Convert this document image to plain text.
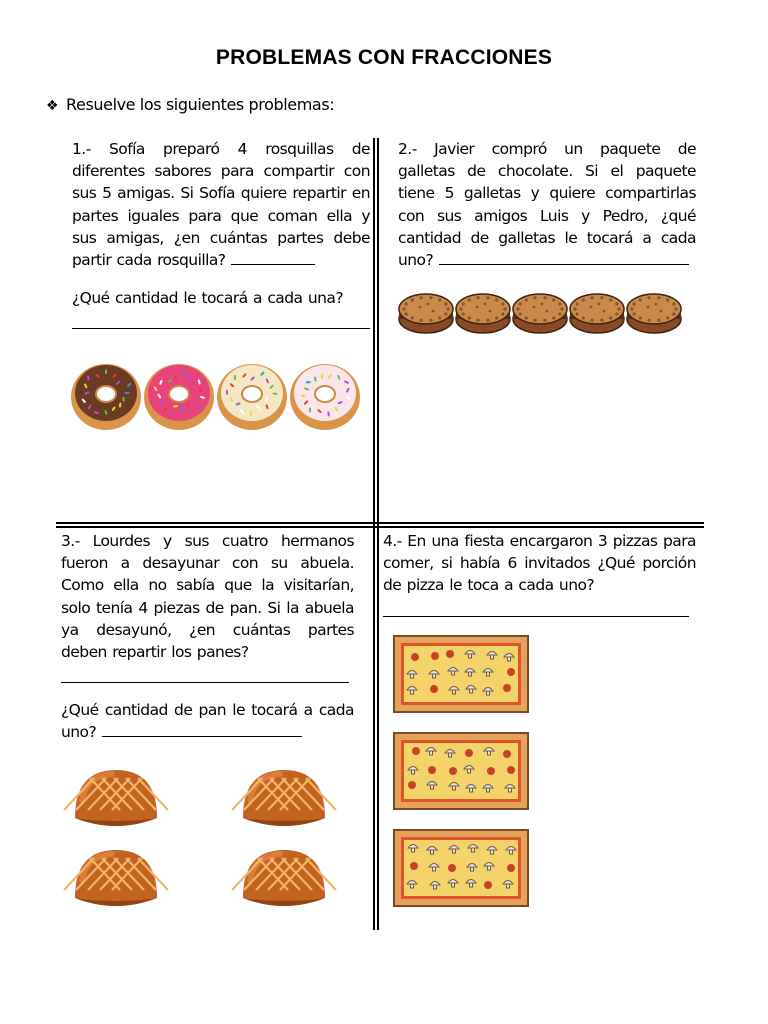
PROBLEMAS CON FRACCIONES
❖ Resuelve los siguientes problemas:
1.- Sofía preparó 4 rosquillas de diferentes sabores para compartir con sus 5 amigas. Si Sofía quiere repartir en partes iguales para que coman ella y sus amigas, ¿en cuántas partes debe partir cada rosquilla?
¿Qué cantidad le tocará a cada una?
2.- Javier compró un paquete de galletas de chocolate. Si el paquete tiene 5 galletas y quiere compartirlas con sus amigos Luis y Pedro, ¿qué cantidad de galletas le tocará a cada uno?
3.- Lourdes y sus cuatro hermanos fueron a desayunar con su abuela. Como ella no sabía que la visitarían, solo tenía 4 piezas de pan. Si la abuela ya desayunó, ¿en cuántas partes deben repartir los panes?
¿Qué cantidad de pan le tocará a cada uno?
4.- En una fiesta encargaron 3 pizzas para comer, si había 6 invitados ¿Qué porción de pizza le toca a cada uno?
